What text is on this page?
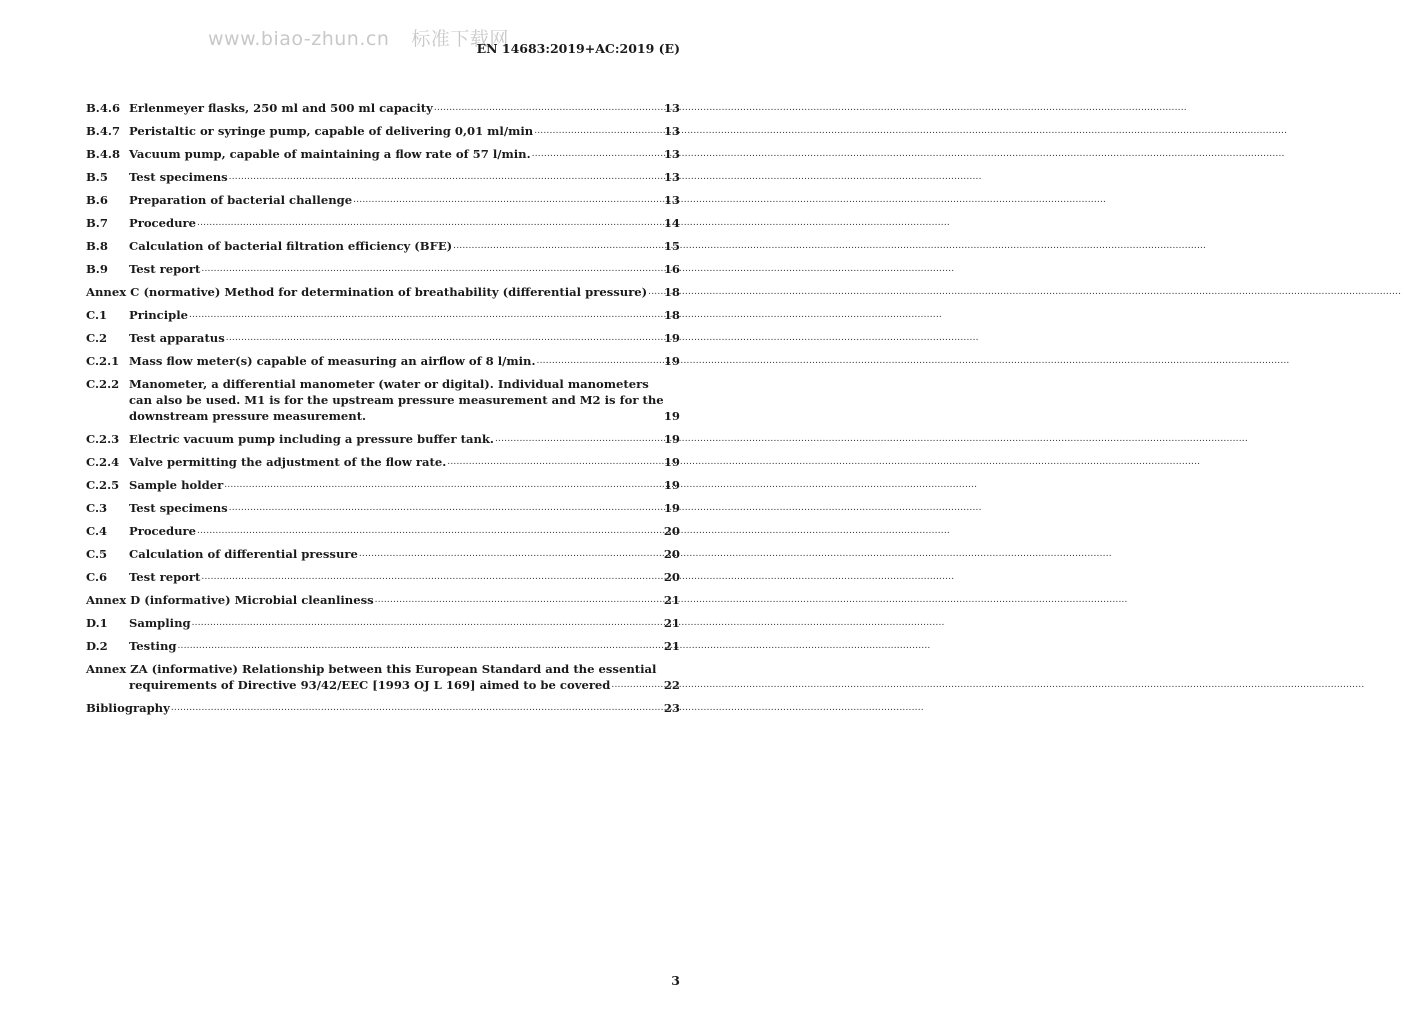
www.biao-zhun.cn 标准下载网
EN 14683:2019+AC:2019 (E)
B.4.6 Erlenmeyer flasks, 250 ml and 500 ml capacity .....	13
B.4.7 Peristaltic or syringe pump, capable of delivering 0,01 ml/min .....	13
B.4.8 Vacuum pump, capable of maintaining a flow rate of 57 l/min. .....	13
B.5	Test specimens .....	13
B.6	Preparation of bacterial challenge .....	13
B.7	Procedure .....	14
B.8	Calculation of bacterial filtration efficiency (BFE) .....	15
B.9	Test report .....	16
Annex C (normative) Method for determination of breathability (differential pressure) ..... 18
C.1	Principle .....	18
C.2	Test apparatus .....	19
C.2.1 Mass flow meter(s) capable of measuring an airflow of 8 l/min. .....	19
C.2.2 Manometer, a differential manometer (water or digital). Individual manometers can also be used. M1 is for the upstream pressure measurement and M2 is for the downstream pressure measurement.	19
C.2.3 Electric vacuum pump including a pressure buffer tank. .....	19
C.2.4 Valve permitting the adjustment of the flow rate. .....	19
C.2.5 Sample holder .....	19
C.3	Test specimens .....	19
C.4	Procedure .....	20
C.5	Calculation of differential pressure .....	20
C.6	Test report .....	20
Annex D (informative) Microbial cleanliness .....	21
D.1	Sampling .....	21
D.2	Testing .....	21
Annex ZA (informative) Relationship between this European Standard and the essential
requirements of Directive 93/42/EEC [1993 OJ L 169] aimed to be covered .....	22
Bibliography .....	23
3
